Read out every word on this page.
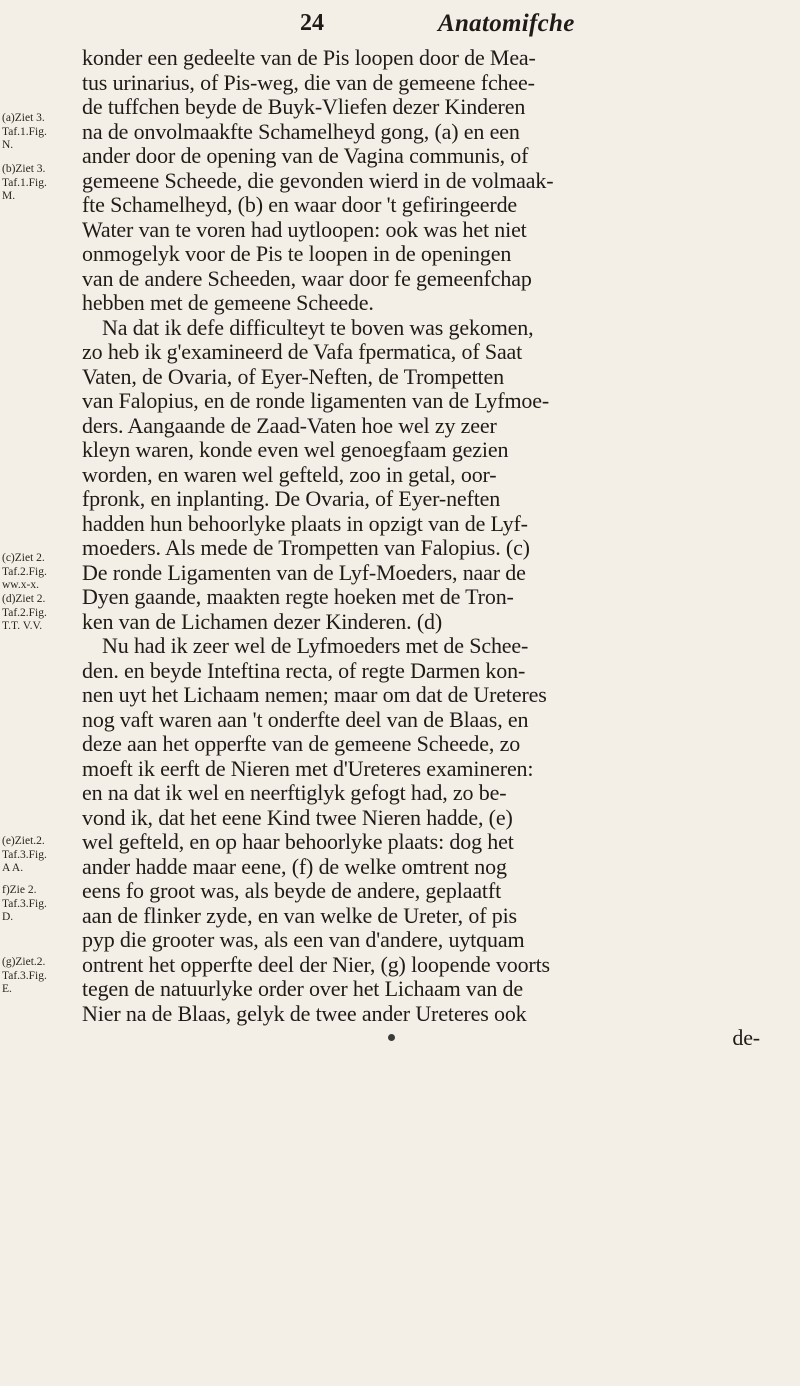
24	Anatomifche
(a)Ziet 3.
Taf.1.Fig.
N.
(b)Ziet 3.
Taf.1.Fig.
M.
(c)Ziet 2.
Taf.2.Fig.
ww.x-x.
(d)Ziet 2.
Taf.2.Fig.
T.T. V.V.
(e)Ziet.2.
Taf.3.Fig.
A A.
f)Zie 2.
Taf.3.Fig.
D.
(g)Ziet.2.
Taf.3.Fig.
E.
konder een gedeelte van de Pis loopen door de Mea-
tus urinarius, of Pis-weg, die van de gemeene fchee-
de tuffchen beyde de Buyk-Vliefen dezer Kinderen
na de onvolmaakfte Schamelheyd gong, (a) en een
ander door de opening van de Vagina communis, of
gemeene Scheede, die gevonden wierd in de volmaak-
fte Schamelheyd, (b) en waar door 't gefiringeerde
Water van te voren had uytloopen: ook was het niet
onmogelyk voor de Pis te loopen in de openingen
van de andere Scheeden, waar door fe gemeenfchap
hebben met de gemeene Scheede.
Na dat ik defe difficulteyt te boven was gekomen,
zo heb ik g'examineerd de Vafa fpermatica, of Saat
Vaten, de Ovaria, of Eyer-Neften, de Trompetten
van Falopius, en de ronde ligamenten van de Lyfmoe-
ders. Aangaande de Zaad-Vaten hoe wel zy zeer
kleyn waren, konde even wel genoegfaam gezien
worden, en waren wel gefteld, zoo in getal, oor-
fpronk, en inplanting. De Ovaria, of Eyer-neften
hadden hun behoorlyke plaats in opzigt van de Lyf-
moeders. Als mede de Trompetten van Falopius. (c)
De ronde Ligamenten van de Lyf-Moeders, naar de
Dyen gaande, maakten regte hoeken met de Tron-
ken van de Lichamen dezer Kinderen. (d)
Nu had ik zeer wel de Lyfmoeders met de Schee-
den. en beyde Inteftina recta, of regte Darmen kon-
nen uyt het Lichaam nemen; maar om dat de Ureteres
nog vaft waren aan 't onderfte deel van de Blaas, en
deze aan het opperfte van de gemeene Scheede, zo
moeft ik eerft de Nieren met d'Ureteres examineren:
en na dat ik wel en neerftiglyk gefogt had, zo be-
vond ik, dat het eene Kind twee Nieren hadde, (e)
wel gefteld, en op haar behoorlyke plaats: dog het
ander hadde maar eene, (f) de welke omtrent nog
eens fo groot was, als beyde de andere, geplaatft
aan de flinker zyde, en van welke de Ureter, of pis
pyp die grooter was, als een van d'andere, uytquam
ontrent het opperfte deel der Nier, (g) loopende voorts
tegen de natuurlyke order over het Lichaam van de
Nier na de Blaas, gelyk de twee ander Ureteres ook
de-
